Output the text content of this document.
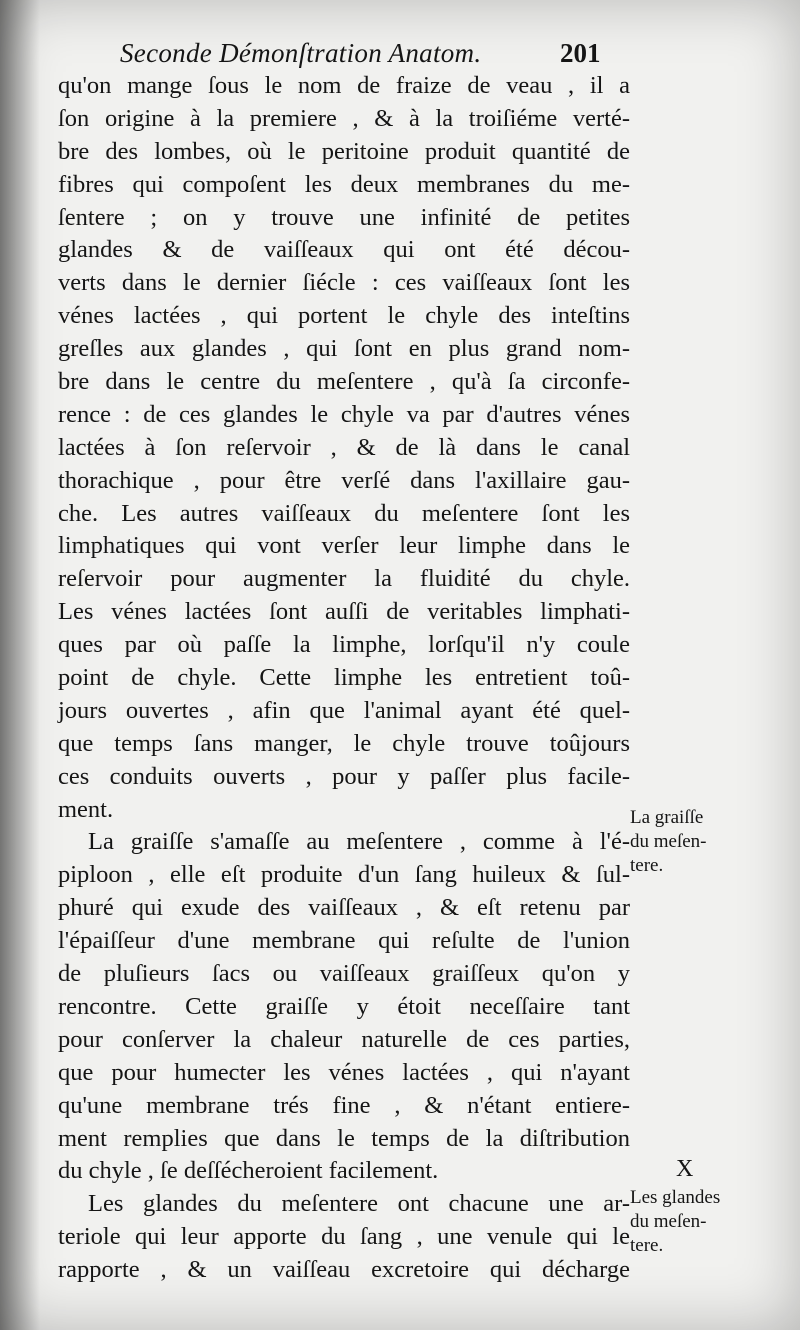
Seconde Démonſtration Anatom.	201
qu'on mange ſous le nom de fraize de veau , il a
ſon origine à la premiere , & à la troiſiéme verté-
bre des lombes, où le peritoine produit quantité de
fibres qui compoſent les deux membranes du me-
ſentere ; on y trouve une infinité de petites
glandes & de vaiſſeaux qui ont été décou-
verts dans le dernier ſiécle : ces vaiſſeaux ſont les
vénes lactées , qui portent le chyle des inteſtins
greſles aux glandes , qui ſont en plus grand nom-
bre dans le centre du meſentere , qu'à ſa circonfe-
rence : de ces glandes le chyle va par d'autres vénes
lactées à ſon reſervoir , & de là dans le canal
thorachique , pour être verſé dans l'axillaire gau-
che. Les autres vaiſſeaux du meſentere ſont les
limphatiques qui vont verſer leur limphe dans le
reſervoir pour augmenter la fluidité du chyle.
Les vénes lactées ſont auſſi de veritables limphati-
ques par où paſſe la limphe, lorſqu'il n'y coule
point de chyle. Cette limphe les entretient toû-
jours ouvertes , afin que l'animal ayant été quel-
que temps ſans manger, le chyle trouve toûjours
ces conduits ouverts , pour y paſſer plus facile-
ment.
La graiſſe s'amaſſe au meſentere , comme à l'é-
piploon , elle eſt produite d'un ſang huileux & ſul-
phuré qui exude des vaiſſeaux , & eſt retenu par
l'épaiſſeur d'une membrane qui reſulte de l'union
de pluſieurs ſacs ou vaiſſeaux graiſſeux qu'on y
rencontre. Cette graiſſe y étoit neceſſaire tant
pour conſerver la chaleur naturelle de ces parties,
que pour humecter les vénes lactées , qui n'ayant
qu'une membrane trés fine , & n'étant entiere-
ment remplies que dans le temps de la diſtribution
du chyle , ſe deſſécheroient facilement.
Les glandes du meſentere ont chacune une ar-
teriole qui leur apporte du ſang , une venule qui le
rapporte , & un vaiſſeau excretoire qui décharge
La graiſſe
du meſen-
tere.
Les glandes
du meſen-
tere.
X
